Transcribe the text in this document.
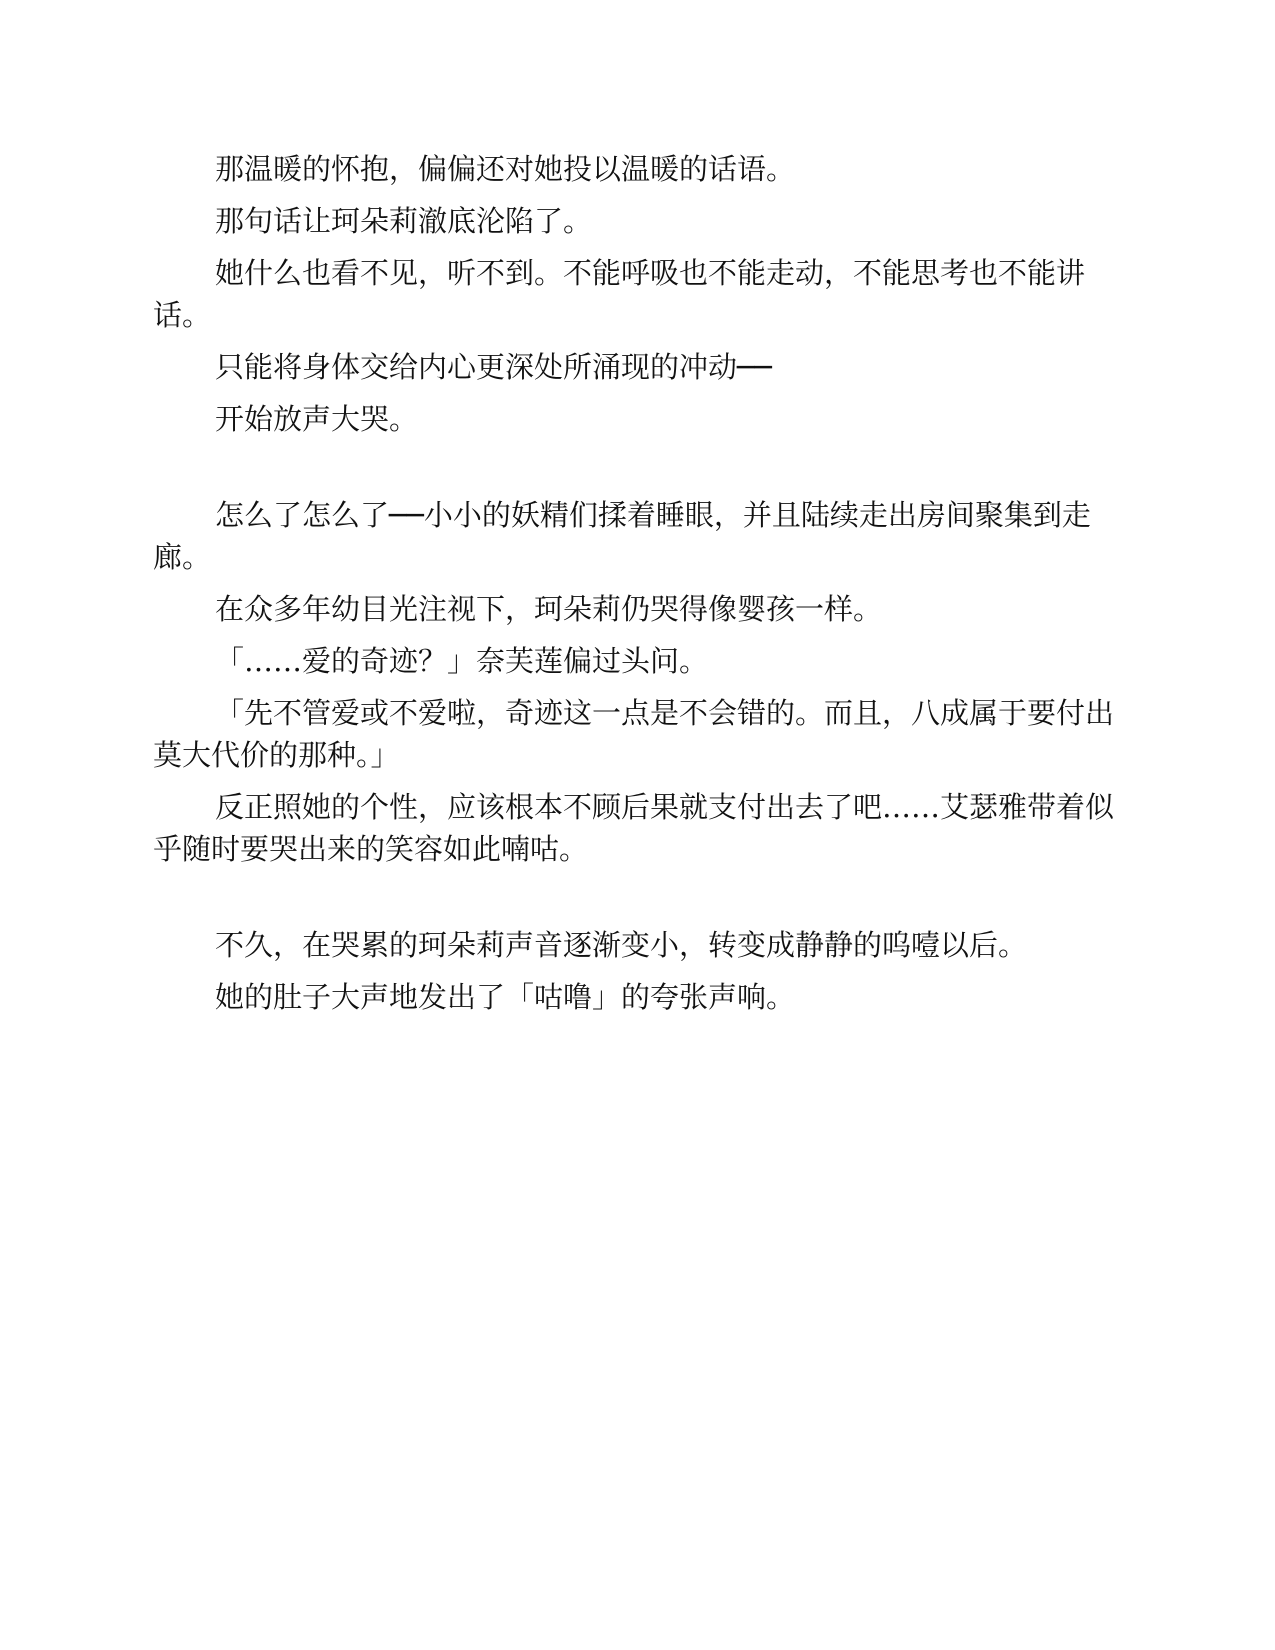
那温暖的怀抱，偏偏还对她投以温暖的话语。

那句话让珂朵莉澈底沦陷了。

她什么也看不见，听不到。不能呼吸也不能走动，不能思考也不能讲话。

只能将身体交给内心更深处所涌现的冲动──

开始放声大哭。

怎么了怎么了──小小的妖精们揉着睡眼，并且陆续走出房间聚集到走廊。

在众多年幼目光注视下，珂朵莉仍哭得像婴孩一样。

「……爱的奇迹？」奈芙莲偏过头问。

「先不管爱或不爱啦，奇迹这一点是不会错的。而且，八成属于要付出莫大代价的那种。」

反正照她的个性，应该根本不顾后果就支付出去了吧……艾瑟雅带着似乎随时要哭出来的笑容如此喃咕。

不久，在哭累的珂朵莉声音逐渐变小，转变成静静的呜噎以后。

她的肚子大声地发出了「咕噜」的夸张声响。
